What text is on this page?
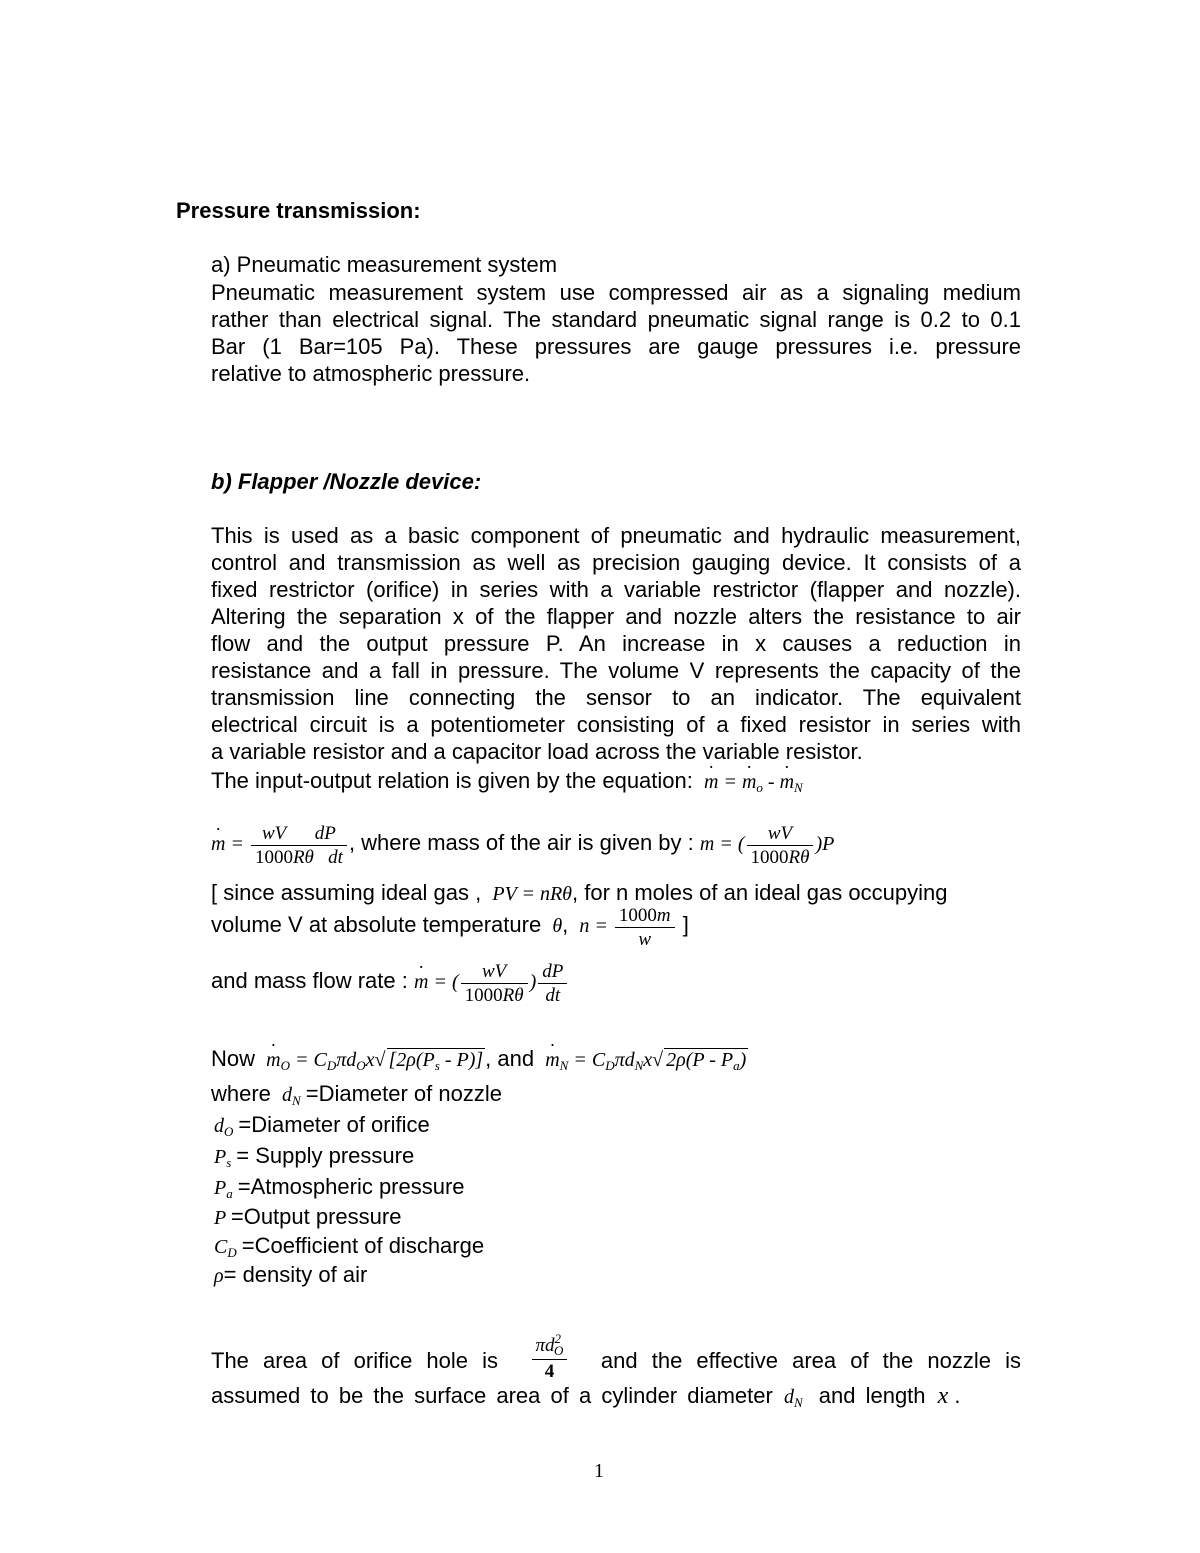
Pressure transmission:
a) Pneumatic measurement system
Pneumatic measurement system use compressed air as a signaling medium
rather than electrical signal. The standard pneumatic signal range is 0.2 to 0.1
Bar (1 Bar=105 Pa). These pressures are gauge pressures i.e. pressure
relative to atmospheric pressure.
b) Flapper /Nozzle device:
This is used as a basic component of pneumatic and hydraulic measurement,
control and transmission as well as precision gauging device. It consists of a
fixed restrictor (orifice) in series with a variable restrictor (flapper and nozzle).
Altering the separation x of the flapper and nozzle alters the resistance to air
flow and the output pressure P. An increase in x causes a reduction in
resistance and a fall in pressure. The volume V represents the capacity of the
transmission line connecting the sensor to an indicator. The equivalent
electrical circuit is a potentiometer consisting of a fixed resistor in series with
a variable resistor and a capacitor load across the variable resistor.
The input-output relation is given by the equation: ˙ m = ˙ $m_o$ - ˙ $m_N$
˙ $m = \frac{\text{wV      dP}}{\text{1000Rθ dt}}$ , where mass of the air is given by : m = ( $\frac{wV}{1000R\theta} )P$
[ since assuming ideal gas ,  PV = nRθ, for n moles of an ideal gas occupying
volume V at absolute temperature  θ,  $n = \frac{1000m}{w}$ ]
and mass flow rate : ˙ m = ( $\frac{wV}{1000R\theta}$ ) $\frac{dP}{dt}$
Now ˙ $m_O = C_D\pi d_Ox√$ $[2\rho(P_s - P)]$, and ˙ $m_N = C_D\pi d_Nx√$ $2\rho(P - P_a)$
where  $d_N$ =Diameter of nozzle
$d_O$ =Diameter of orifice
$P_s$ = Supply pressure
$P_a$ =Atmospheric pressure
P =Output pressure
$C_D$ =Coefficient of discharge
ρ= density of air
The area of orifice hole is $\frac{\pi d^2_O}{4}$ and the effective area of the nozzle is
assumed to be the surface area of a cylinder diameter  $d_N$ and length  x .
1
